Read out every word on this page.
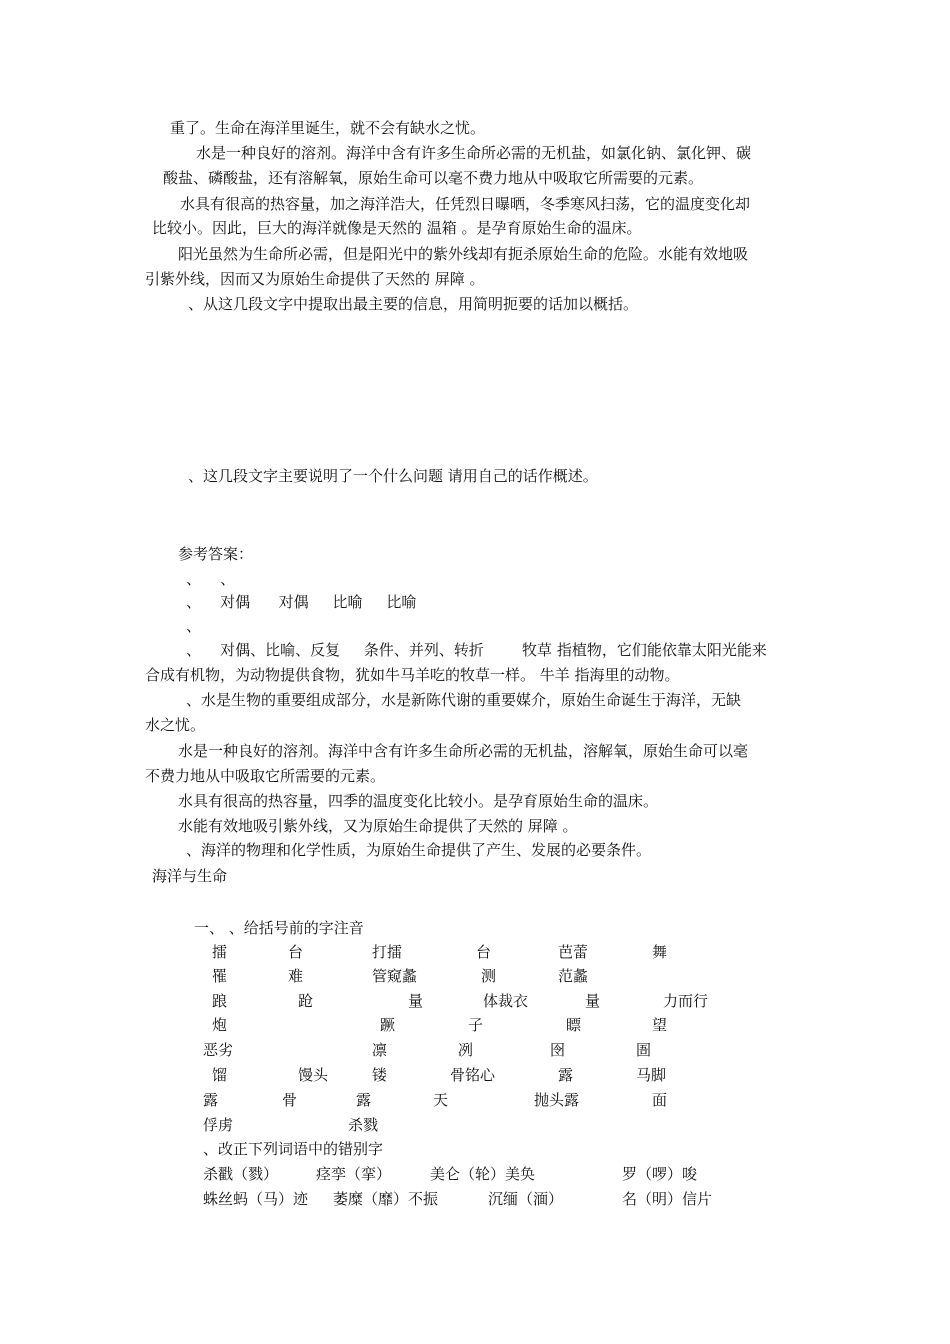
重了。生命在海洋里诞生，就不会有缺水之忧。
水是一种良好的溶剂。海洋中含有许多生命所必需的无机盐，如氯化钠、氯化钾、碳
酸盐、磷酸盐，还有溶解氧，原始生命可以毫不费力地从中吸取它所需要的元素。
水具有很高的热容量，加之海洋浩大，任凭烈日曝晒，冬季寒风扫荡，它的温度变化却
比较小。因此，巨大的海洋就像是天然的 温箱 。是孕育原始生命的温床。
阳光虽然为生命所必需，但是阳光中的紫外线却有扼杀原始生命的危险。水能有效地吸
引紫外线，因而又为原始生命提供了天然的 屏障 。
、从这几段文字中提取出最主要的信息，用简明扼要的话加以概括。
、这几段文字主要说明了一个什么问题 请用自己的话作概述。
参考答案：
、    、
、    对偶      对偶     比喻     比喻
、
、    对偶、比喻、反复     条件、并列、转折        牧草 指植物，它们能依靠太阳光能来
合成有机物，为动物提供食物，犹如牛马羊吃的牧草一样。 牛羊 指海里的动物。
、水是生物的重要组成部分，水是新陈代谢的重要媒介，原始生命诞生于海洋，无缺
水之忧。
水是一种良好的溶剂。海洋中含有许多生命所必需的无机盐，溶解氧，原始生命可以毫
不费力地从中吸取它所需要的元素。
水具有很高的热容量，四季的温度变化比较小。是孕育原始生命的温床。
水能有效地吸引紫外线，又为原始生命提供了天然的 屏障 。
、海洋的物理和化学性质，为原始生命提供了产生、发展的必要条件。
海洋与生命
一、 、给括号前的字注音
擂	台	打擂	台	芭蕾	舞
罹	难	管窥蠡	测	范蠡
踉	跄	量	体裁衣	量	力而行
炮	蹶	子	瞟	望
恶劣	凛	冽	囹	圄
馏	馒头	镂	骨铭心	露	马脚
露	骨	露	天	抛头露	面
俘虏	杀戮
、改正下列词语中的错别字
杀戳（戮）	痉孪（挛）	美仑（轮）美奂	罗（啰）唆
蛛丝蚂（马）迹 萎糜（靡）不振	沉缅（湎）	名（明）信片
